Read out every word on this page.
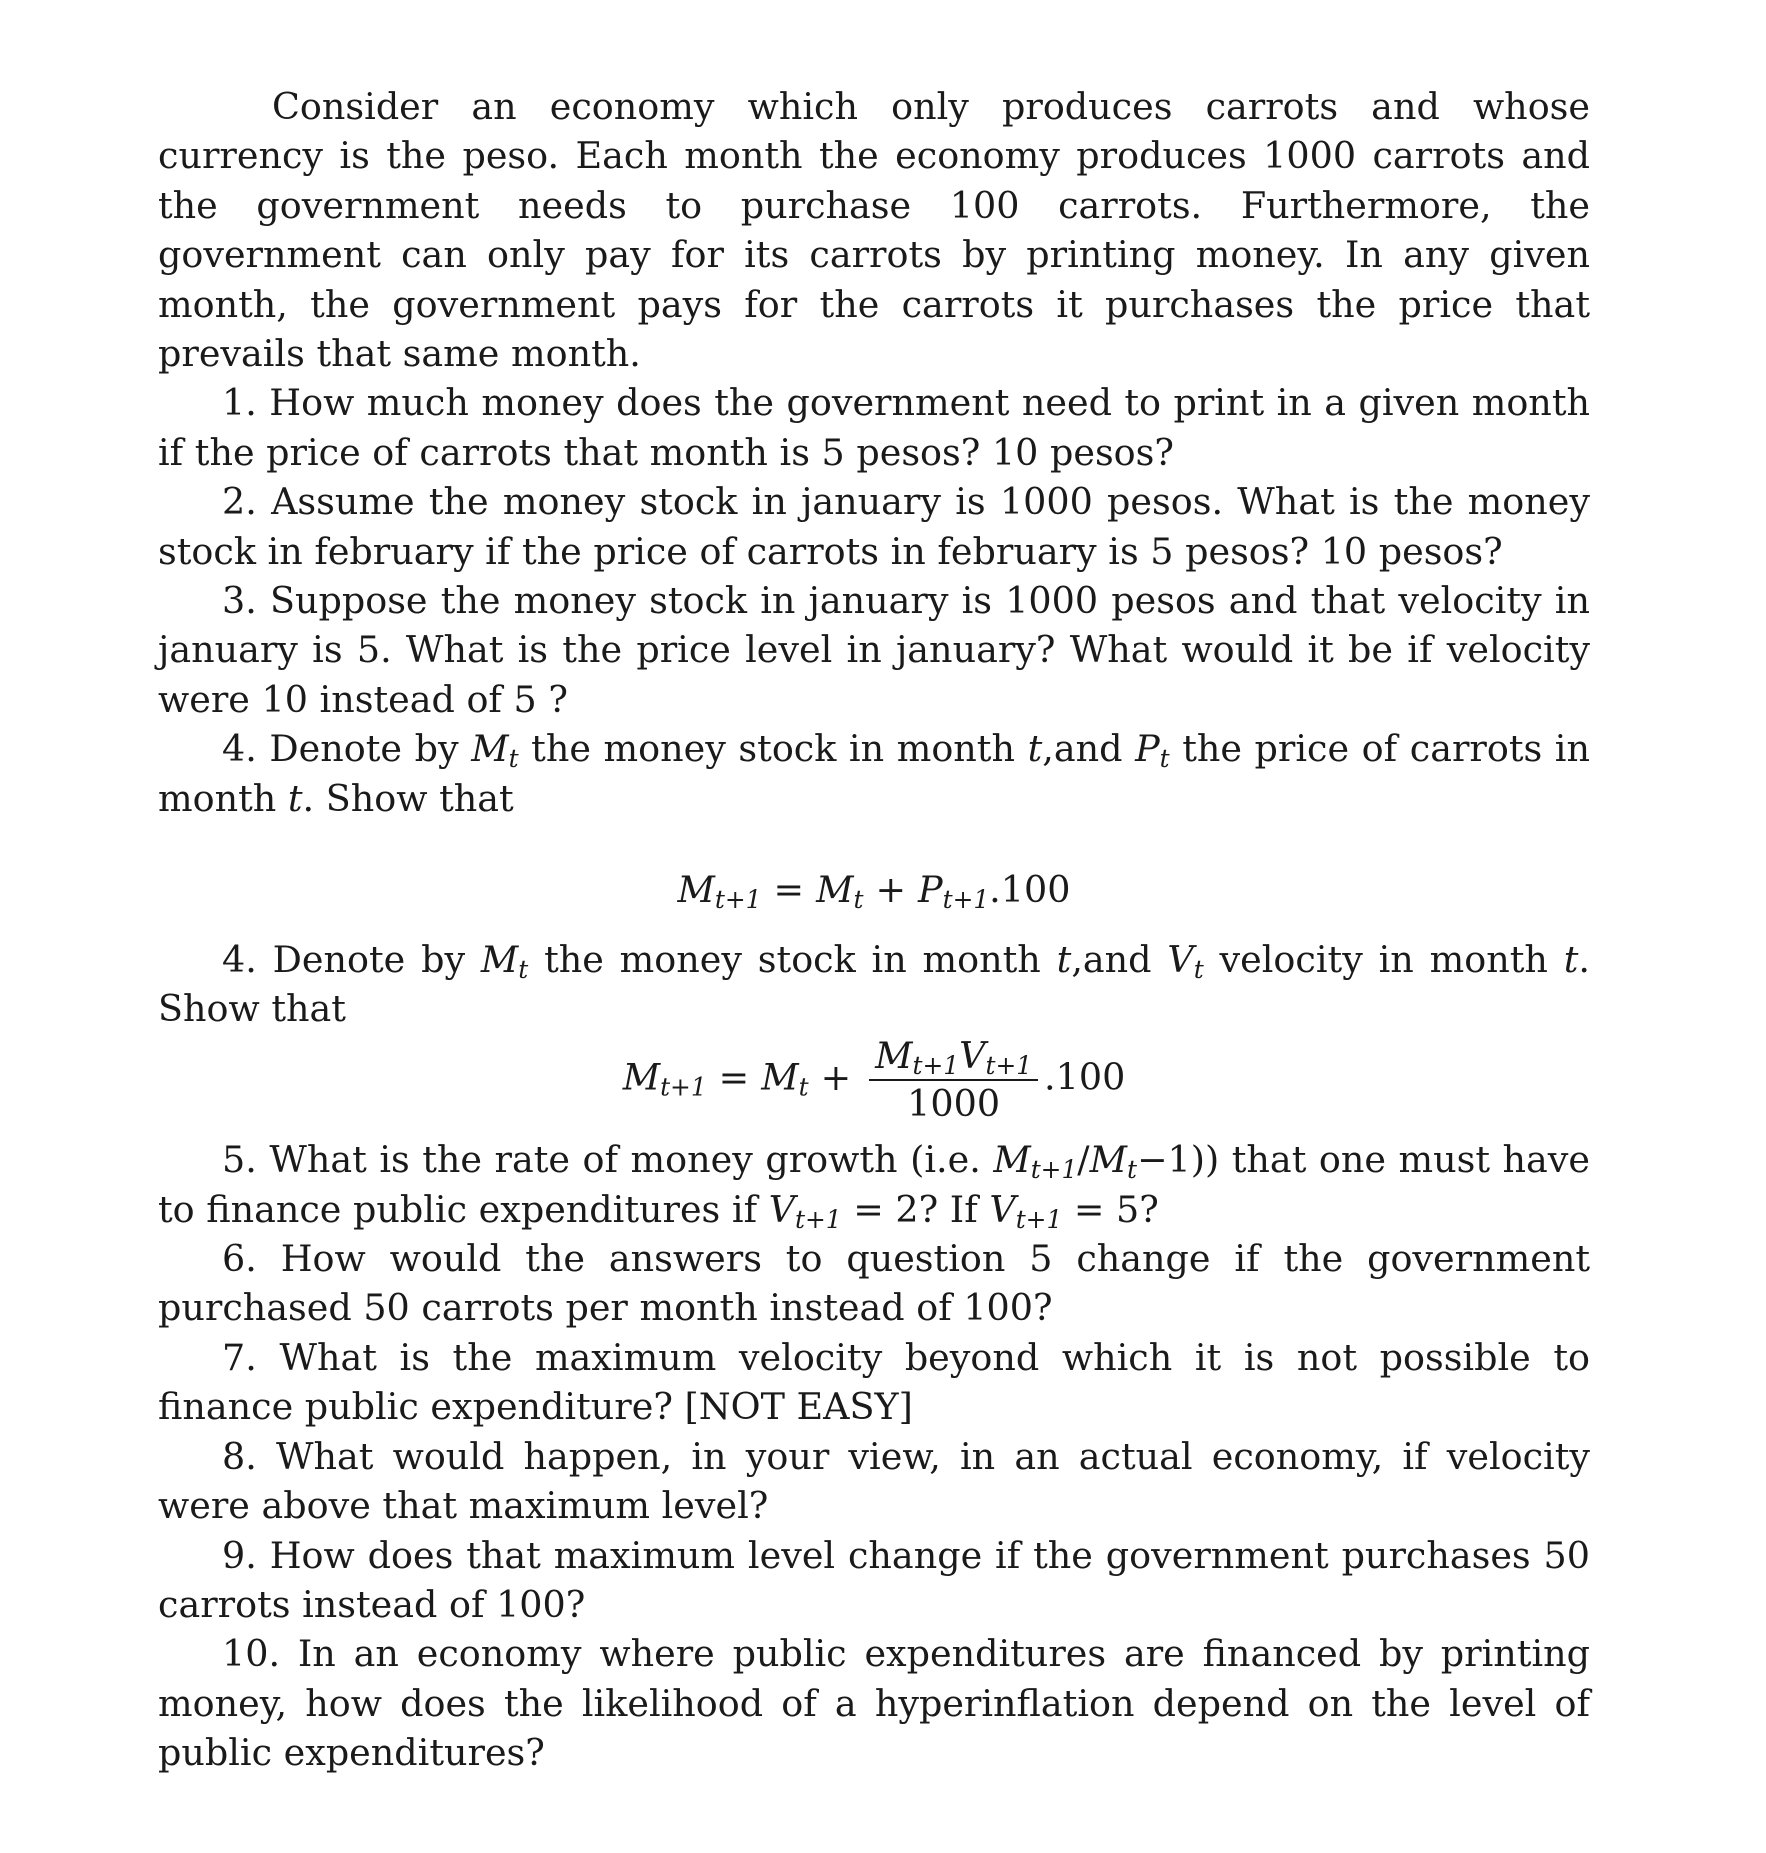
Consider an economy which only produces carrots and whose currency is the peso. Each month the economy produces 1000 carrots and the government needs to purchase 100 carrots. Furthermore, the government can only pay for its carrots by printing money. In any given month, the government pays for the carrots it purchases the price that prevails that same month.

1. How much money does the government need to print in a given month if the price of carrots that month is 5 pesos? 10 pesos?

2. Assume the money stock in january is 1000 pesos. What is the money stock in february if the price of carrots in february is 5 pesos? 10 pesos?

3. Suppose the money stock in january is 1000 pesos and that velocity in january is 5. What is the price level in january? What would it be if velocity were 10 instead of 5 ?

4. Denote by $M_t$ the money stock in month t,and $P_t$ the price of carrots in month t. Show that

$M_{t+1} = M_t + P_{t+1}.100$

4. Denote by $M_t$ the money stock in month t,and $V_t$ velocity in month t. Show that

$M_{t+1} = M_t + \frac{M_{t+1}V_{t+1}}{1000} .100$

5. What is the rate of money growth (i.e. $M_{t+1}/M_t-1$)) that one must have to finance public expenditures if $V_{t+1} = 2$? If $V_{t+1} = 5$?

6. How would the answers to question 5 change if the government purchased 50 carrots per month instead of 100?

7. What is the maximum velocity beyond which it is not possible to finance public expenditure? [NOT EASY]

8. What would happen, in your view, in an actual economy, if velocity were above that maximum level?

9. How does that maximum level change if the government purchases 50 carrots instead of 100?

10. In an economy where public expenditures are financed by printing money, how does the likelihood of a hyperinflation depend on the level of public expenditures?
